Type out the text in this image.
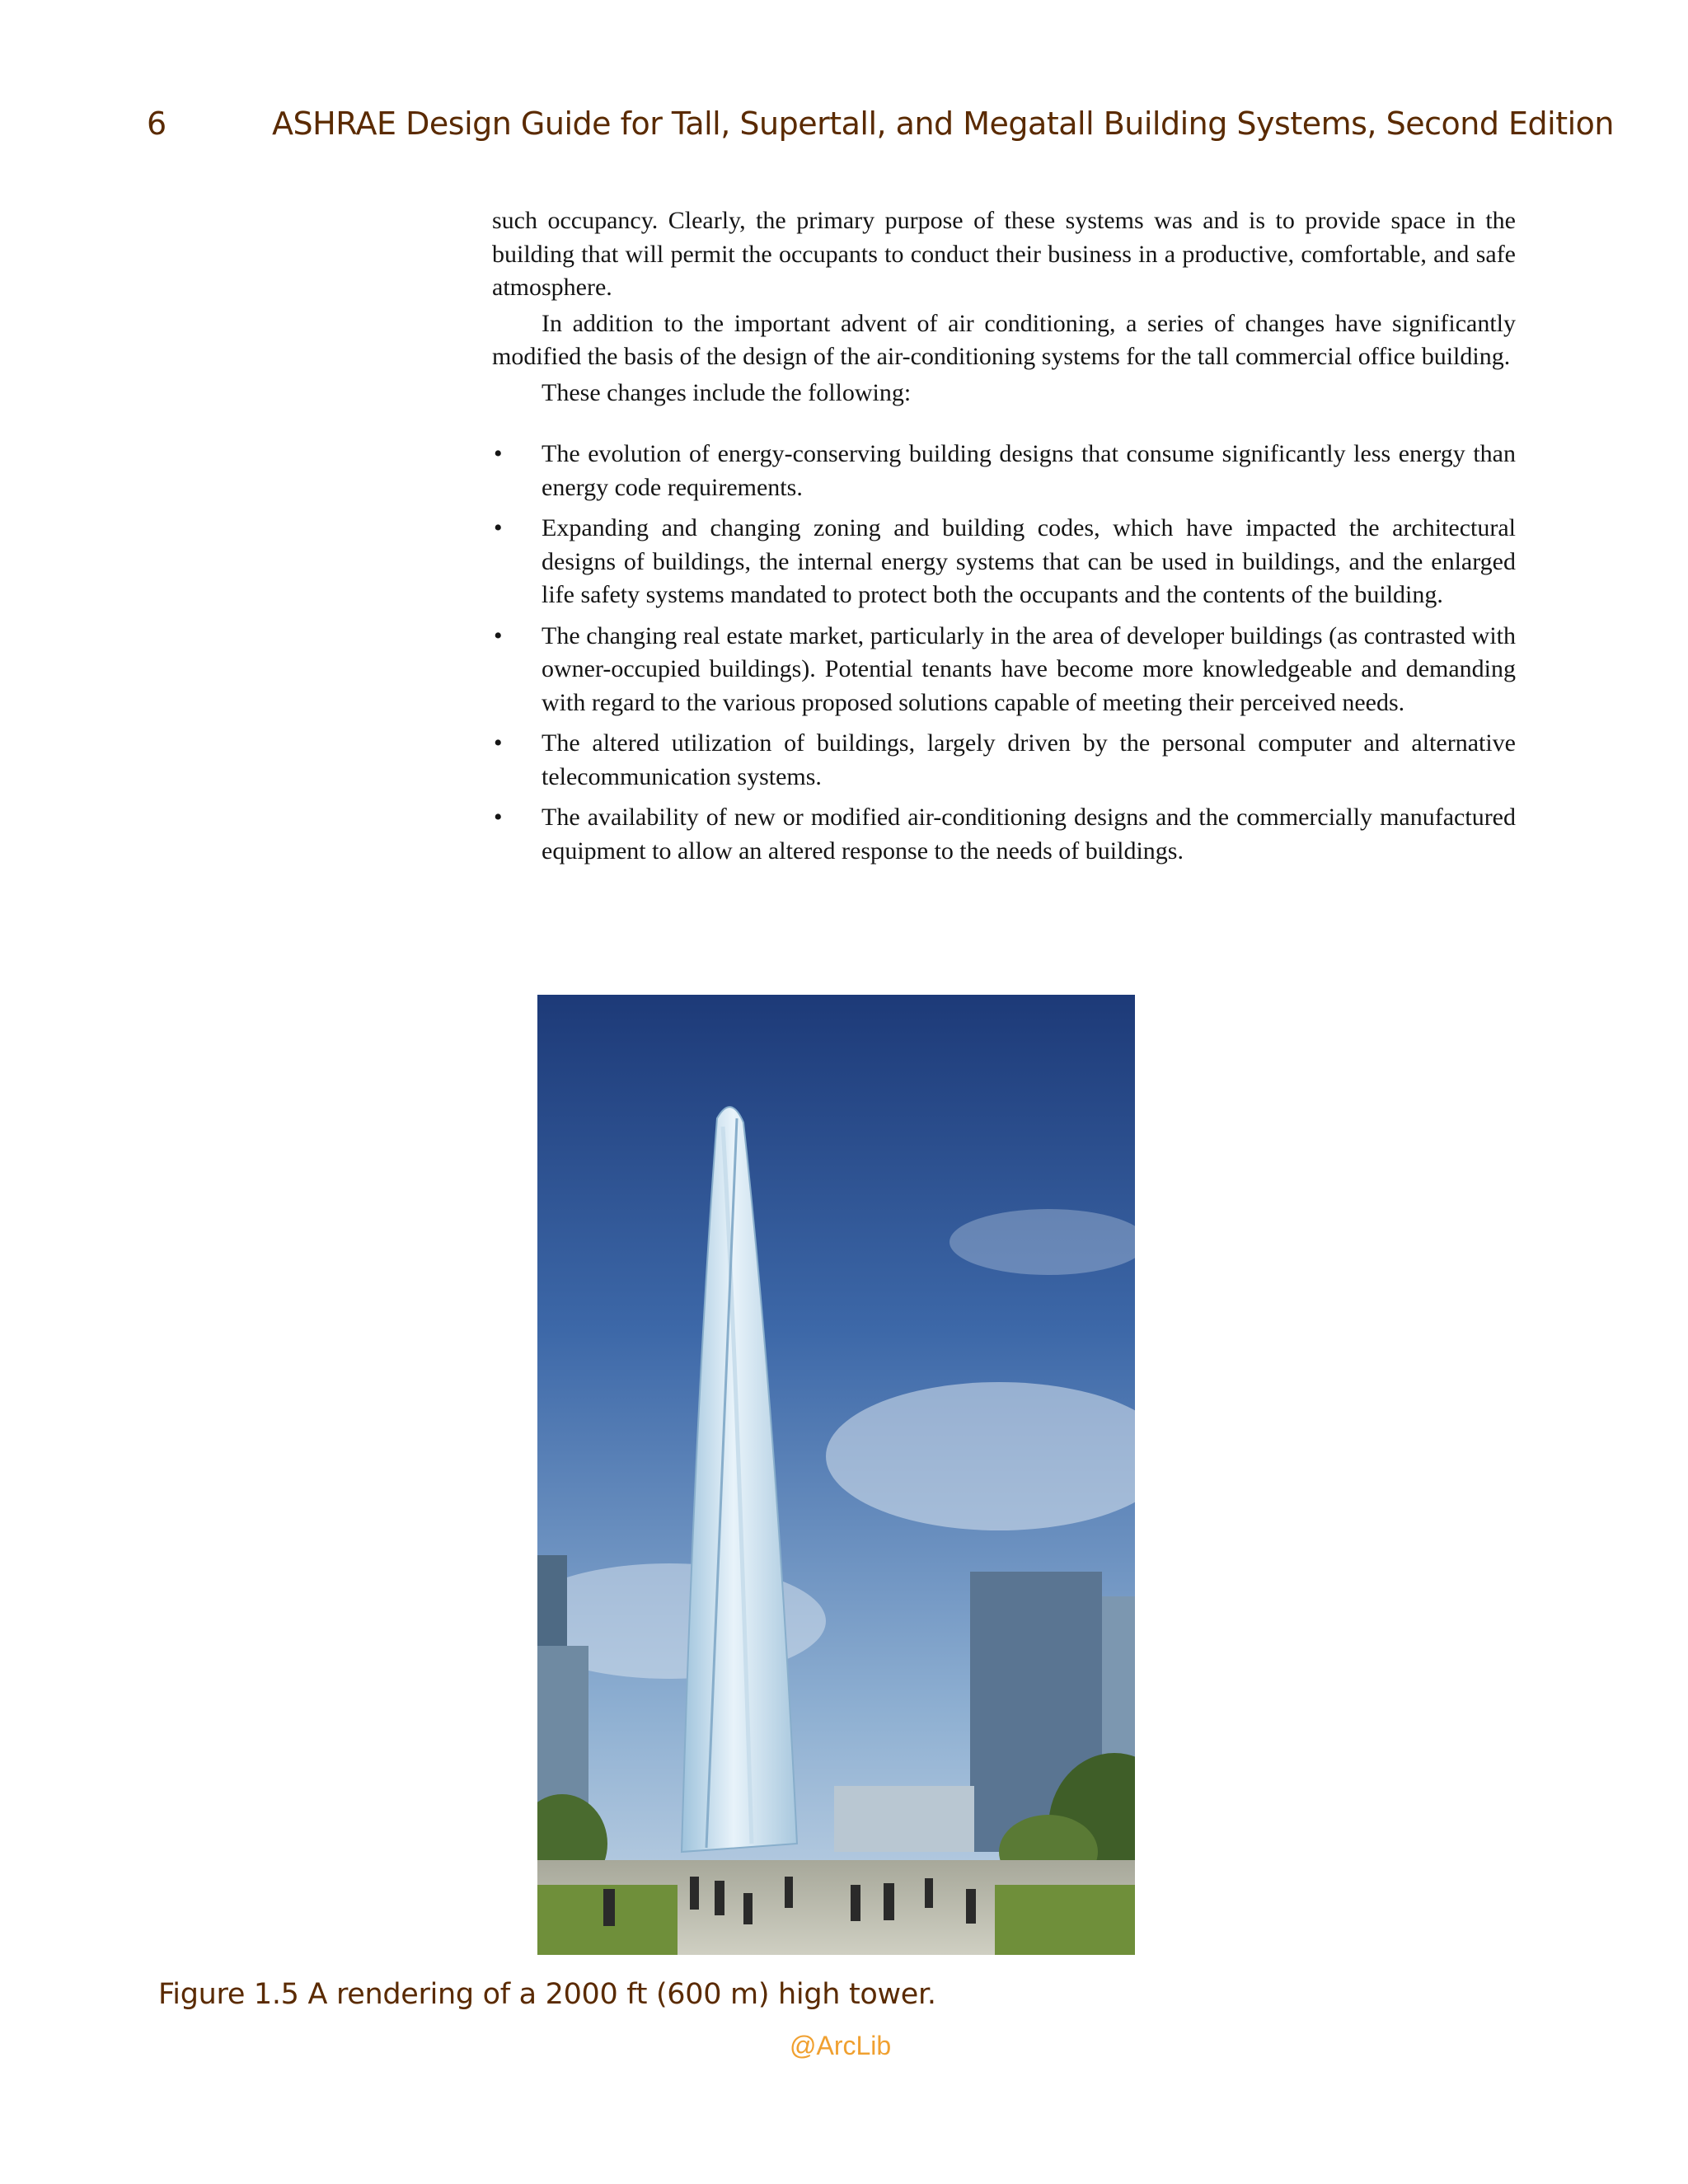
6	ASHRAE Design Guide for Tall, Supertall, and Megatall Building Systems, Second Edition

such occupancy. Clearly, the primary purpose of these systems was and is to provide space in the building that will permit the occupants to conduct their business in a productive, comfortable, and safe atmosphere.

In addition to the important advent of air conditioning, a series of changes have significantly modified the basis of the design of the air-conditioning systems for the tall commercial office building.

These changes include the following:

• The evolution of energy-conserving building designs that consume significantly less energy than energy code requirements.
• Expanding and changing zoning and building codes, which have impacted the architectural designs of buildings, the internal energy systems that can be used in buildings, and the enlarged life safety systems mandated to protect both the occupants and the contents of the building.
• The changing real estate market, particularly in the area of developer buildings (as contrasted with owner-occupied buildings). Potential tenants have become more knowledgeable and demanding with regard to the various proposed solutions capable of meeting their perceived needs.
• The altered utilization of buildings, largely driven by the personal computer and alternative telecommunication systems.
• The availability of new or modified air-conditioning designs and the commercially manufactured equipment to allow an altered response to the needs of buildings.
Figure 1.5 A rendering of a 2000 ft (600 m) high tower.
@ArcLib
